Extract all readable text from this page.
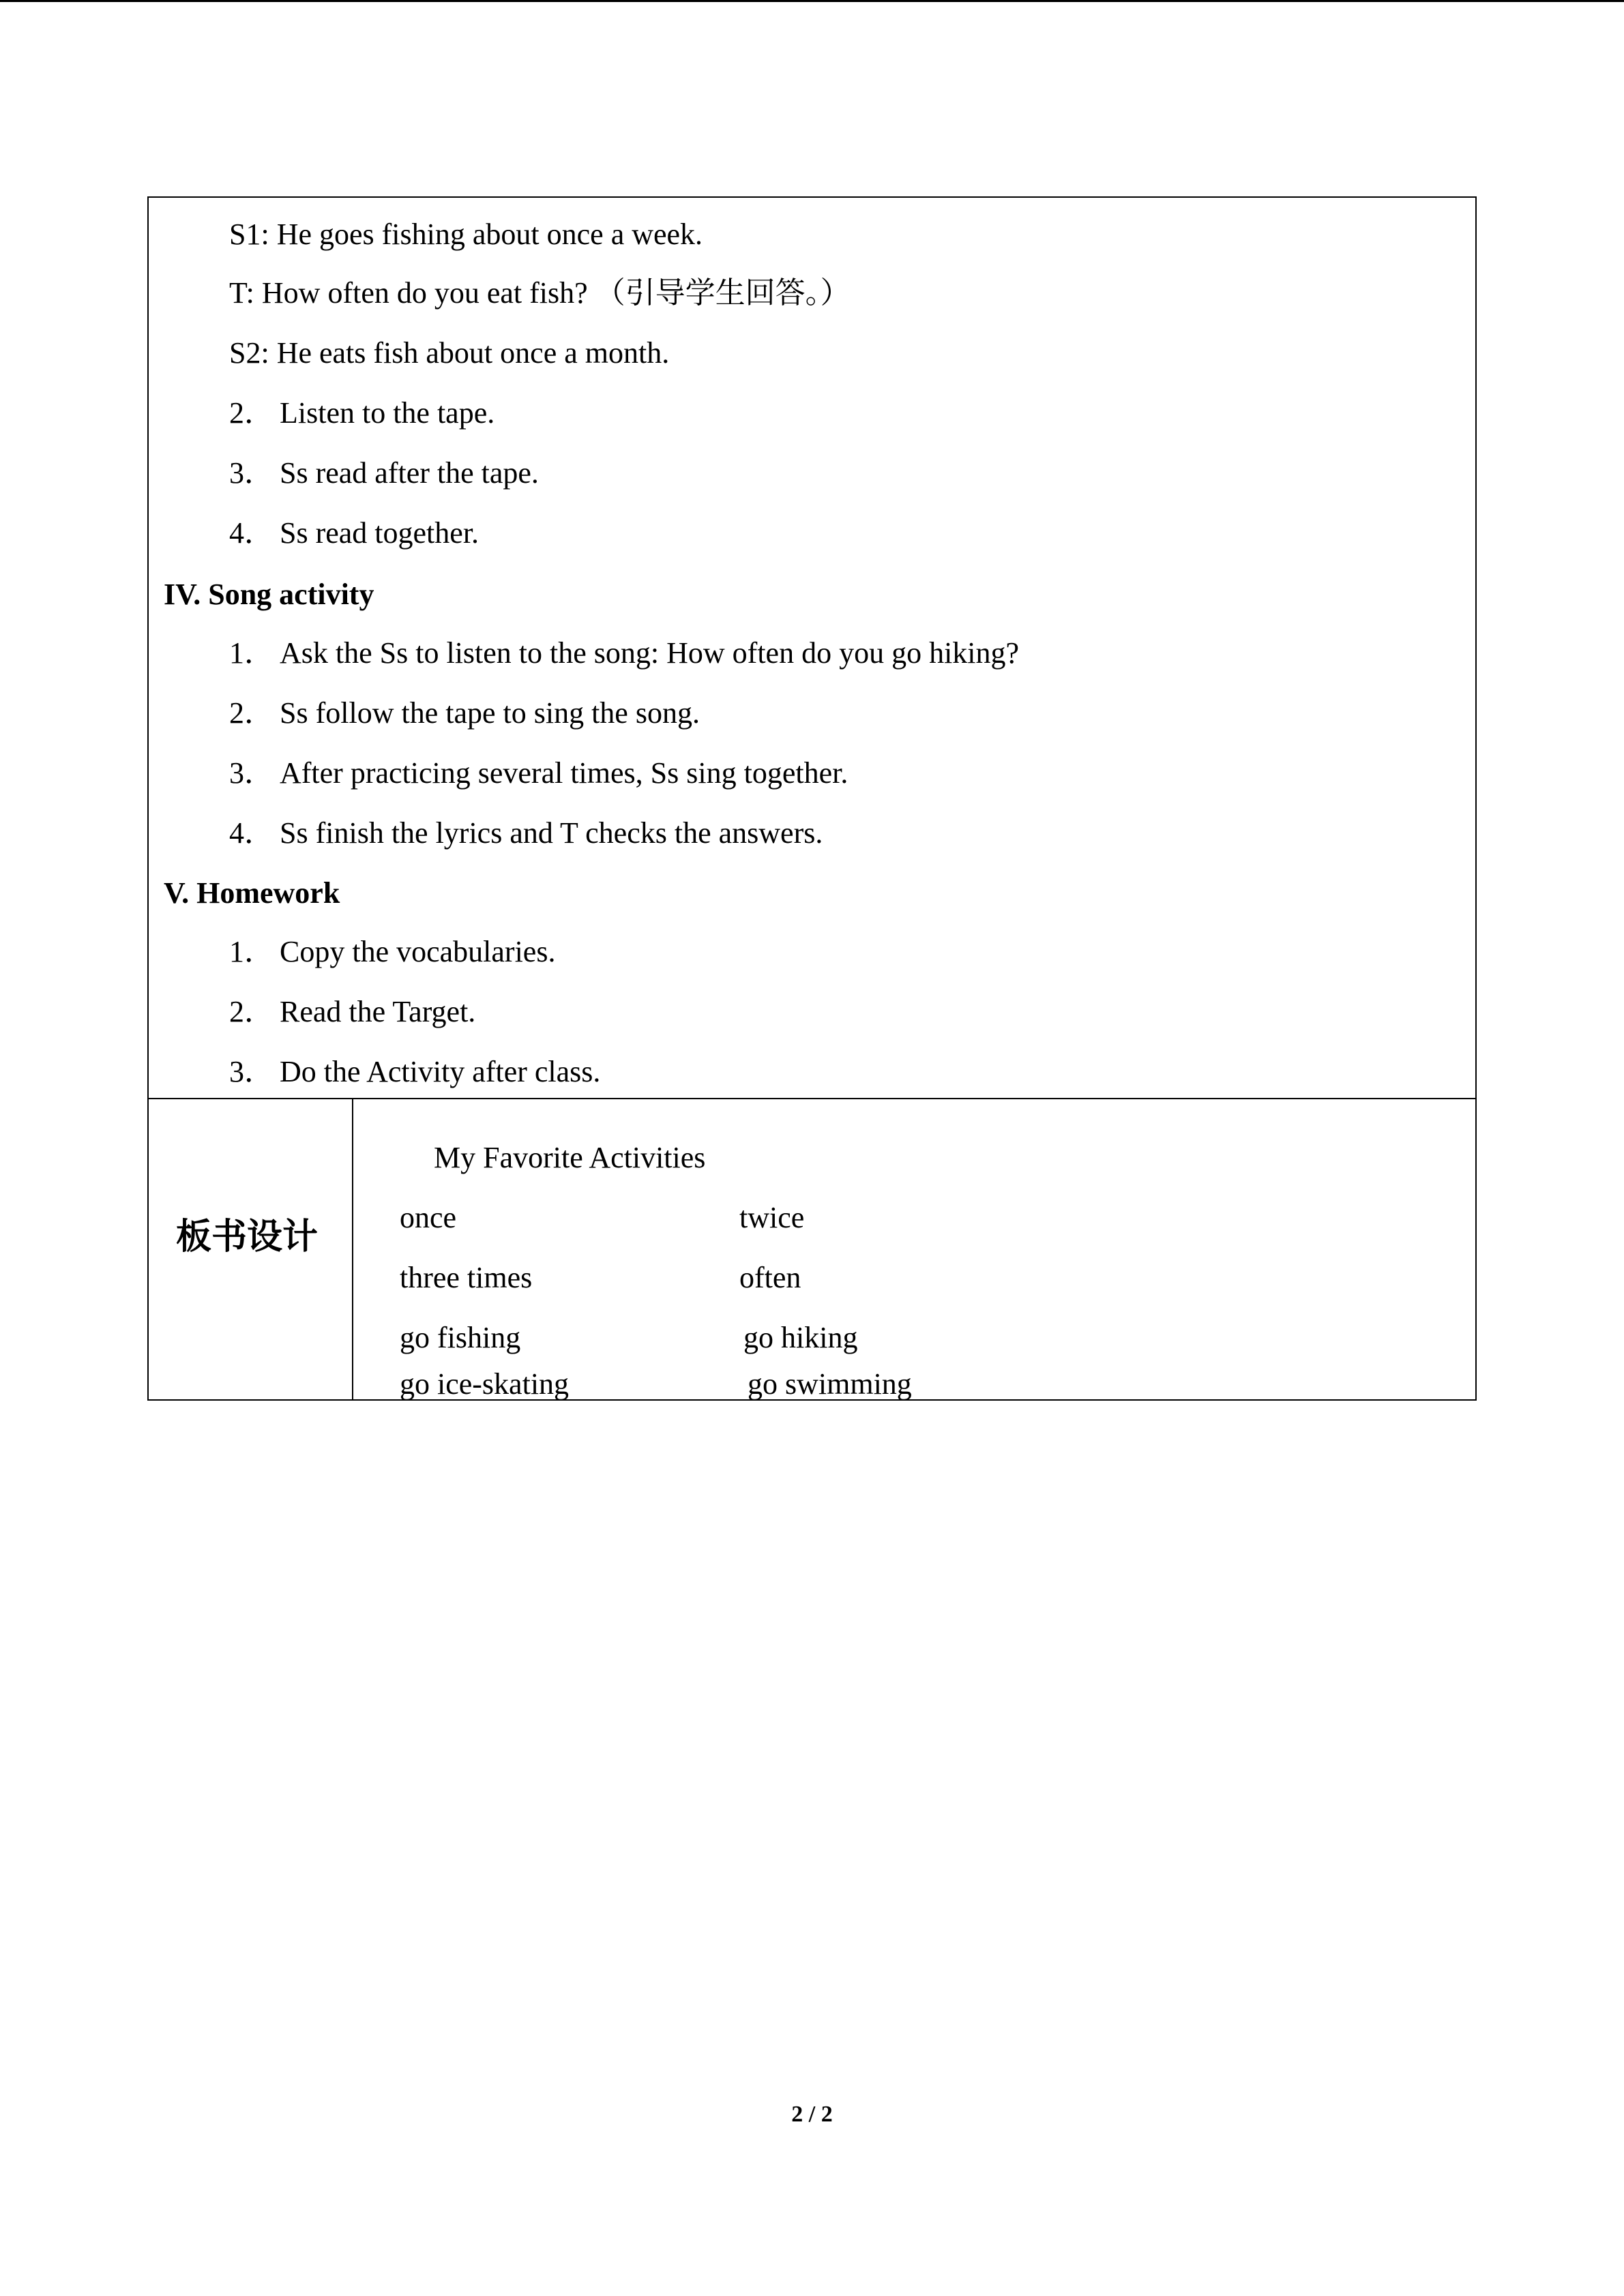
S1: He goes fishing about once a week.
T: How often do you eat fish? （引导学生回答。）
S2: He eats fish about once a month.
2． Listen to the tape.
3． Ss read after the tape.
4． Ss read together.
IV. Song activity
1． Ask the Ss to listen to the song: How often do you go hiking?
2． Ss follow the tape to sing the song.
3． After practicing several times, Ss sing together.
4． Ss finish the lyrics and T checks the answers.
V. Homework
1． Copy the vocabularies.
2． Read the Target.
3． Do the Activity after class.
板书设计
My Favorite Activities
once	twice
three times	often
go fishing	go hiking
go ice-skating	go swimming
2 / 2
